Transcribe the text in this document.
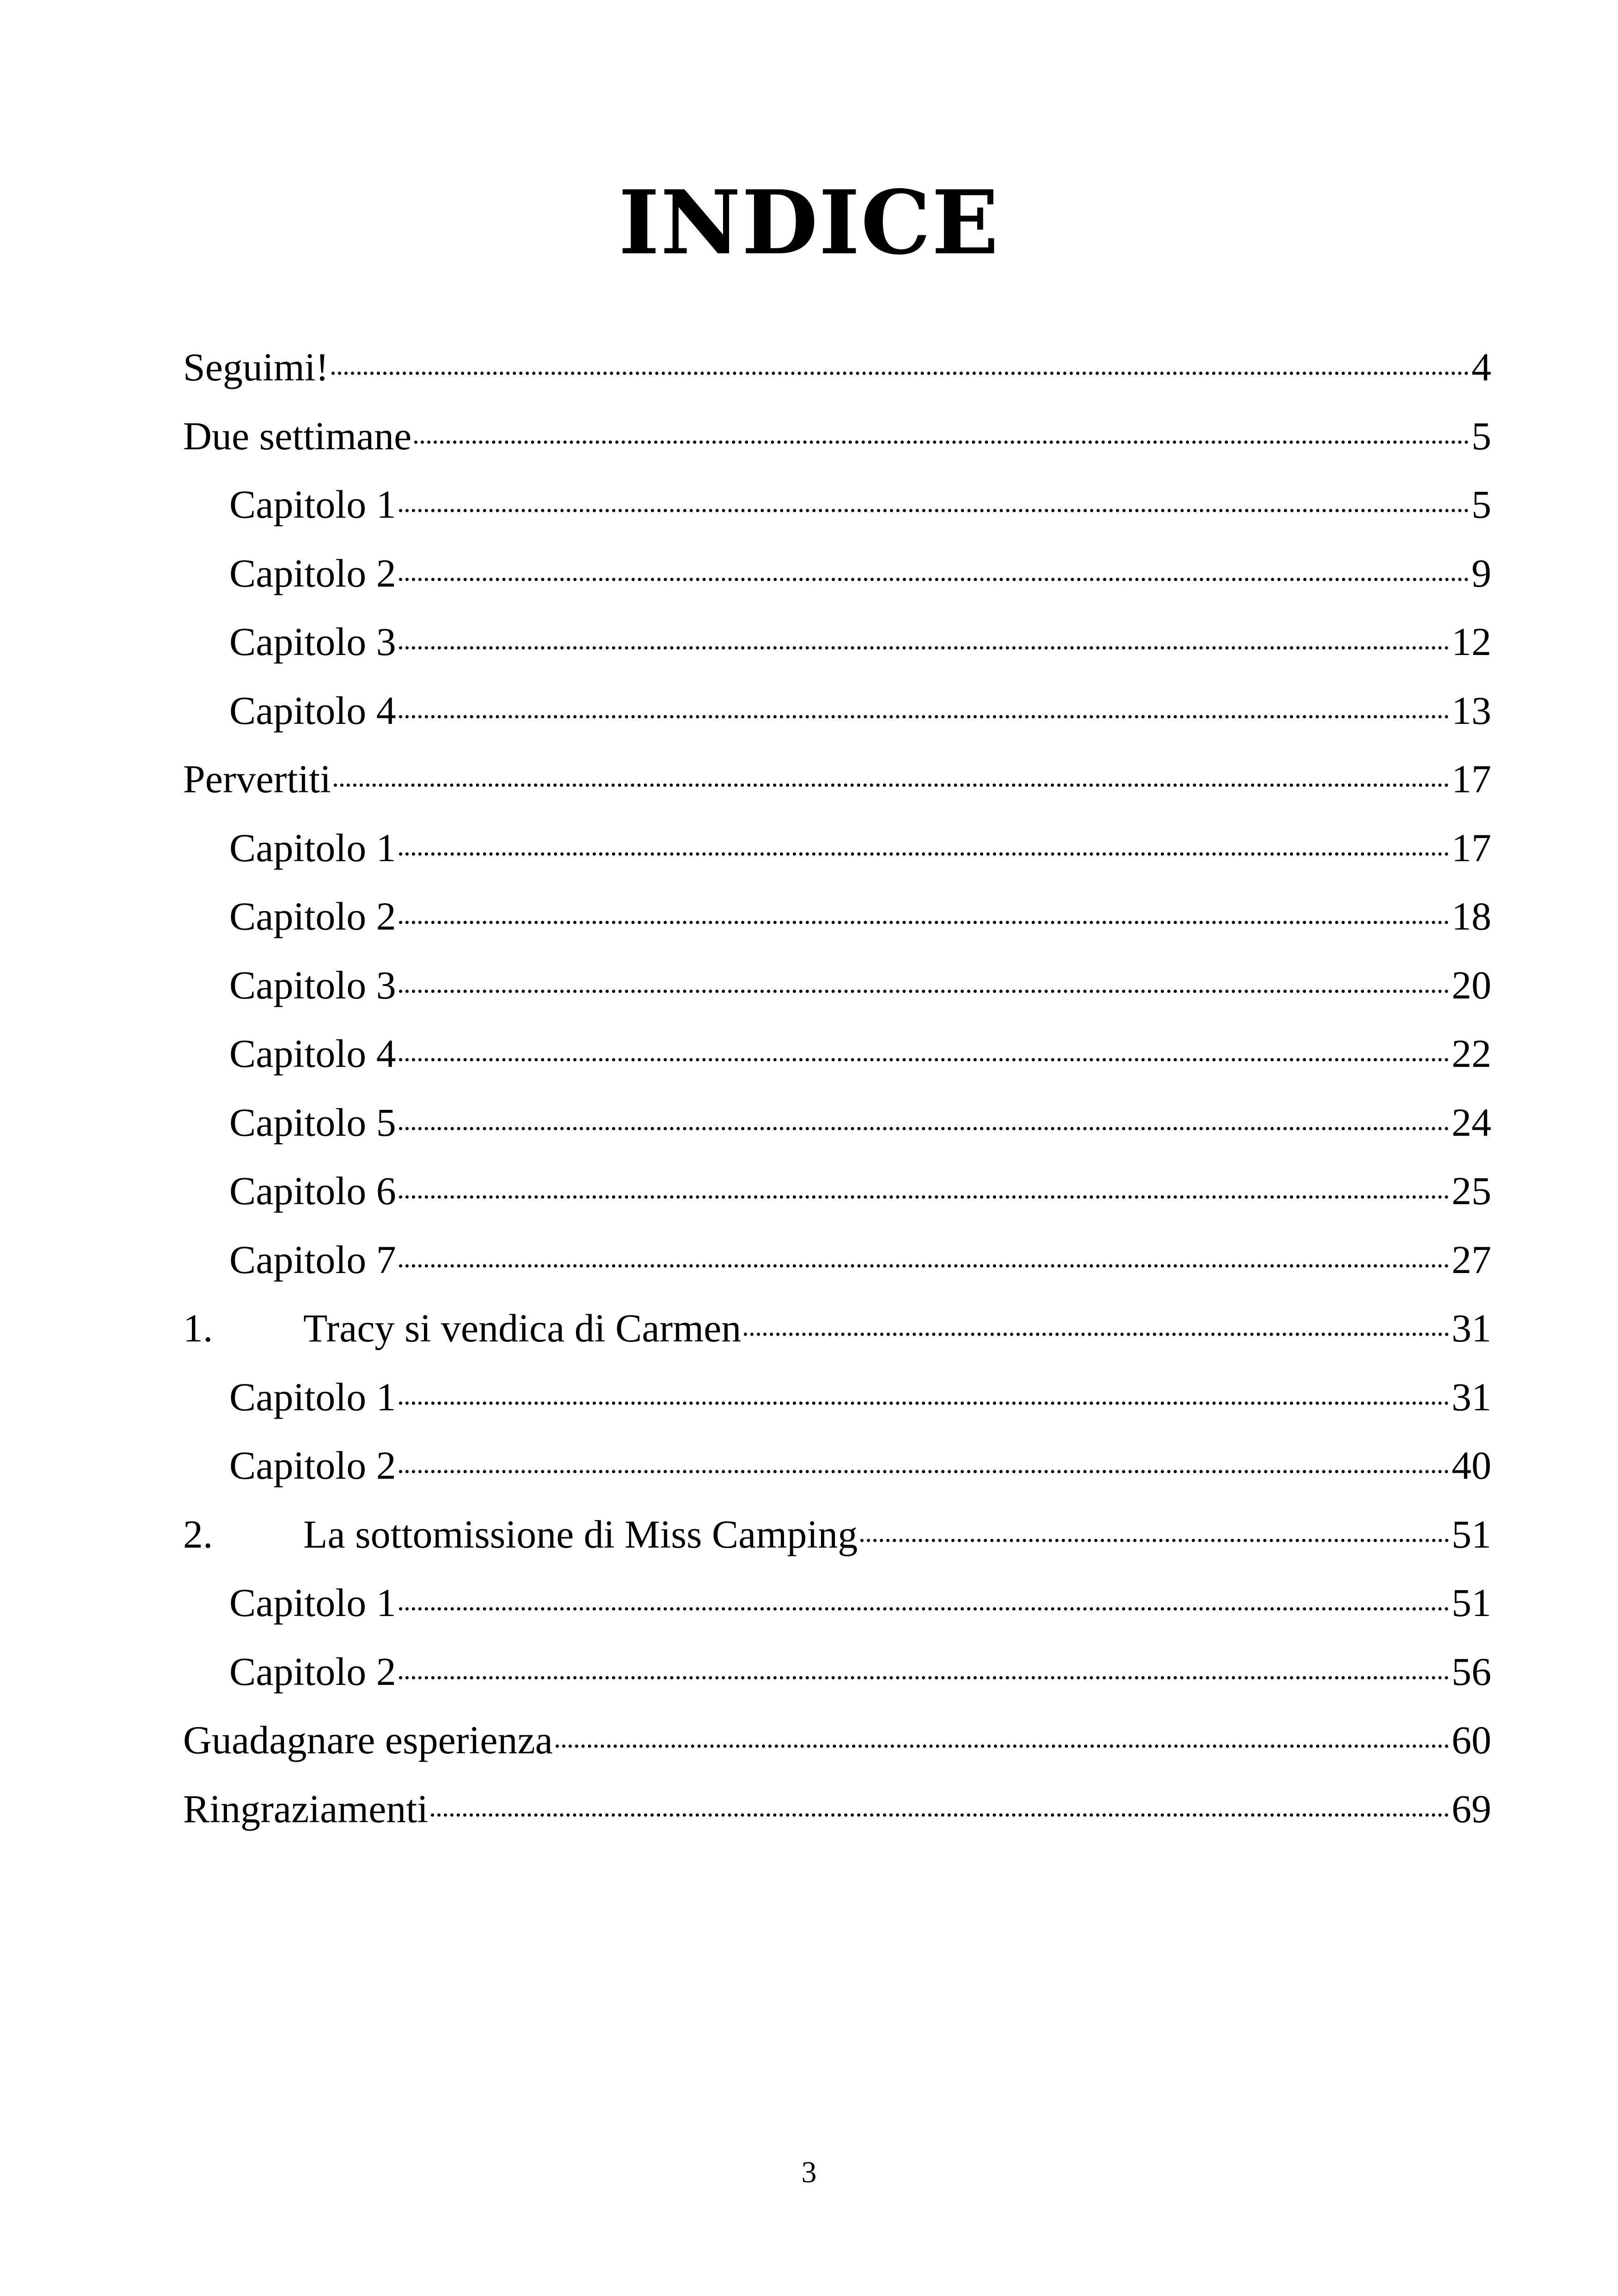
INDICE
Seguimi!	4
Due settimane	5
Capitolo 1	5
Capitolo 2	9
Capitolo 3	12
Capitolo 4	13
Pervertiti	17
Capitolo 1	17
Capitolo 2	18
Capitolo 3	20
Capitolo 4	22
Capitolo 5	24
Capitolo 6	25
Capitolo 7	27
1.	Tracy si vendica di Carmen	31
Capitolo 1	31
Capitolo 2	40
2.	La sottomissione di Miss Camping	51
Capitolo 1	51
Capitolo 2	56
Guadagnare esperienza	60
Ringraziamenti	69
3
